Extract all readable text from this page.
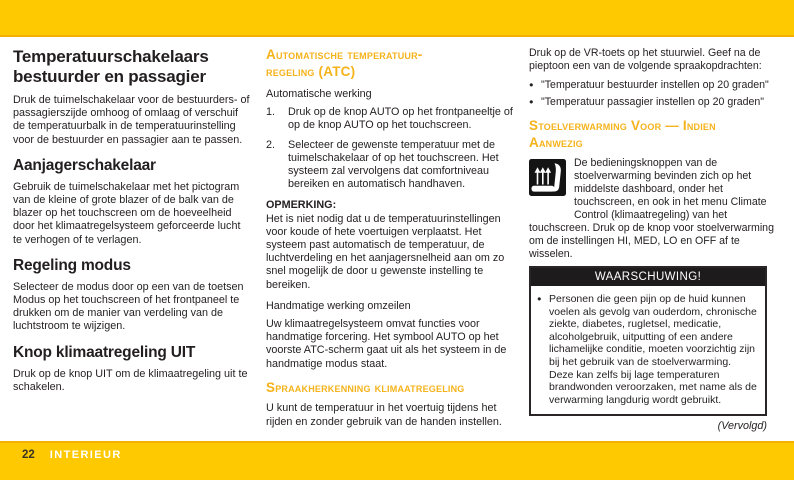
Temperatuurschakelaars bestuurder en passagier

Druk de tuimelschakelaar voor de bestuurders- of passagierszijde omhoog of omlaag of verschuif de temperatuurbalk in de temperatuurinstelling voor de bestuurder en passagier aan te passen.

Aanjagerschakelaar

Gebruik de tuimelschakelaar met het pictogram van de kleine of grote blazer of de balk van de blazer op het touchscreen om de hoeveelheid door het klimaatregelsysteem geforceerde lucht te verhogen of te verlagen.

Regeling modus

Selecteer de modus door op een van de toetsen Modus op het touchscreen of het frontpaneel te drukken om de manier van verdeling van de luchtstroom te wijzigen.

Knop klimaatregeling UIT

Druk op de knop UIT om de klimaatregeling uit te schakelen.

Automatische temperatuur-
regeling (ATC)

Automatische werking

1.	Druk op de knop AUTO op het frontpaneeltje of op de knop AUTO op het touchscreen.
2.	Selecteer de gewenste temperatuur met de tuimelschakelaar of op het touchscreen. Het systeem zal vervolgens dat comfortniveau bereiken en automatisch handhaven.

OPMERKING:

Het is niet nodig dat u de temperatuurinstellingen voor koude of hete voertuigen verplaatst. Het systeem past automatisch de temperatuur, de luchtverdeling en het aanjagersnelheid aan om zo snel mogelijk de door u gewenste instelling te bereiken.

Handmatige werking omzeilen

Uw klimaatregelsysteem omvat functies voor handmatige forcering. Het symbool AUTO op het voorste ATC-scherm gaat uit als het systeem in de handmatige modus staat.

Spraakherkenning klimaatregeling

U kunt de temperatuur in het voertuig tijdens het rijden en zonder gebruik van de handen instellen.

Druk op de VR-toets op het stuurwiel. Geef na de pieptoon een van de volgende spraakopdrachten:

●
"Temperatuur bestuurder instellen op 20 graden"
●
"Temperatuur passagier instellen op 20 graden"
Stoelverwarming Voor — Indien
Aanwezig
De bedieningsknoppen van de stoelverwarming bevinden zich op het middelste dashboard, onder het touchscreen, en ook in het menu Climate Control (klimaatregeling) van het touchscreen. Druk op de knop voor stoelverwarming om de instellingen HI, MED, LO en OFF af te wisselen.
WAARSCHUWING!
●
Personen die geen pijn op de huid kunnen voelen als gevolg van ouderdom, chronische ziekte, diabetes, rugletsel, medicatie, alcoholgebruik, uitputting of een andere lichamelijke conditie, moeten voorzichtig zijn bij het gebruik van de stoelverwarming. Deze kan zelfs bij lage temperaturen brandwonden veroorzaken, met name als de verwarming langdurig wordt gebruikt.
(Vervolgd)
22 INTERIEUR
